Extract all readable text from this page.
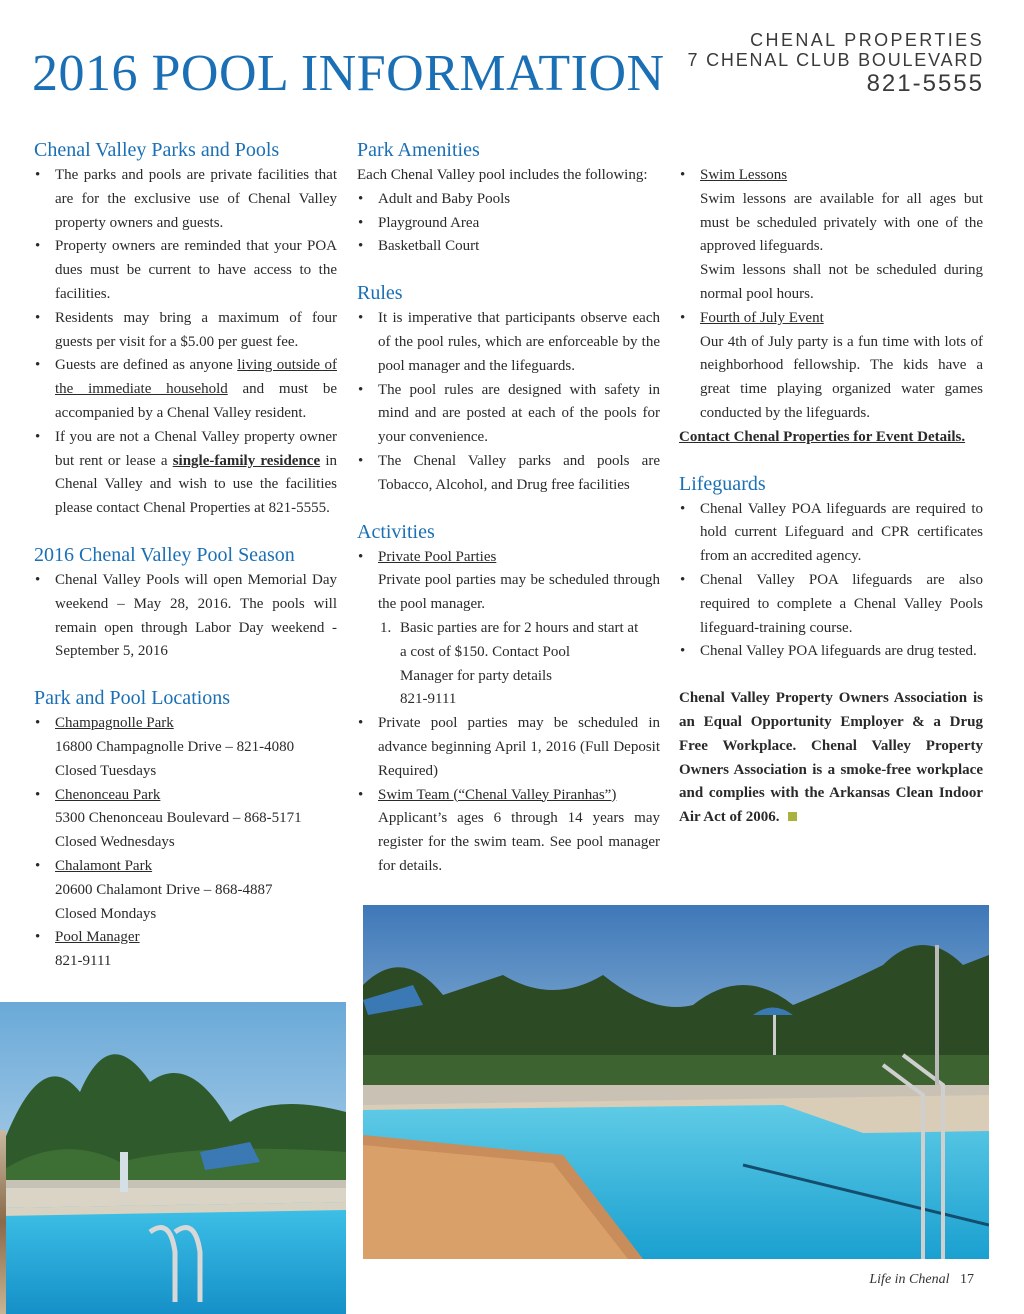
2016 POOL INFORMATION
CHENAL PROPERTIES
7 CHENAL CLUB BOULEVARD
821-5555
Chenal Valley Parks and Pools
• The parks and pools are private facilities that are for the exclusive use of Chenal Valley property owners and guests.
• Property owners are reminded that your POA dues must be current to have access to the facilities.
• Residents may bring a maximum of four guests per visit for a $5.00 per guest fee.
• Guests are defined as anyone living outside of the immediate household and must be accompanied by a Chenal Valley resident.
• If you are not a Chenal Valley property owner but rent or lease a single-family residence in Chenal Valley and wish to use the facilities please contact Chenal Properties at 821-5555.
2016 Chenal Valley Pool Season
• Chenal Valley Pools will open Memorial Day weekend – May 28, 2016. The pools will remain open through Labor Day weekend - September 5, 2016
Park and Pool Locations
• Champagnolle Park
16800 Champagnolle Drive – 821-4080
Closed Tuesdays
• Chenonceau Park
5300 Chenonceau Boulevard – 868-5171
Closed Wednesdays
• Chalamont Park
20600 Chalamont Drive – 868-4887
Closed Mondays
• Pool Manager
821-9111
Park Amenities
Each Chenal Valley pool includes the following:
• Adult and Baby Pools
• Playground Area
• Basketball Court
Rules
• It is imperative that participants observe each of the pool rules, which are enforceable by the pool manager and the lifeguards.
• The pool rules are designed with safety in mind and are posted at each of the pools for your convenience.
• The Chenal Valley parks and pools are Tobacco, Alcohol, and Drug free facilities
Activities
• Private Pool Parties
Private pool parties may be scheduled through the pool manager.
1. Basic parties are for 2 hours and start at
a cost of $150. Contact Pool
Manager for party details
821-9111
• Private pool parties may be scheduled in advance beginning April 1, 2016 (Full Deposit Required)
• Swim Team (“Chenal Valley Piranhas”)
Applicant’s ages 6 through 14 years may register for the swim team. See pool manager for details.
• Swim Lessons
Swim lessons are available for all ages but must be scheduled privately with one of the approved lifeguards.
Swim lessons shall not be scheduled during normal pool hours.
• Fourth of July Event
Our 4th of July party is a fun time with lots of neighborhood fellowship. The kids have a great time playing organized water games conducted by the lifeguards.
Contact Chenal Properties for Event Details.
Lifeguards
• Chenal Valley POA lifeguards are required to hold current Lifeguard and CPR certificates from an accredited agency.
• Chenal Valley POA lifeguards are also required to complete a Chenal Valley Pools lifeguard-training course.
• Chenal Valley POA lifeguards are drug tested.
Chenal Valley Property Owners Association is an Equal Opportunity Employer & a Drug Free Workplace. Chenal Valley Property Owners Association is a smoke-free workplace and complies with the Arkansas Clean Indoor Air Act of 2006.
Life in Chenal 17
